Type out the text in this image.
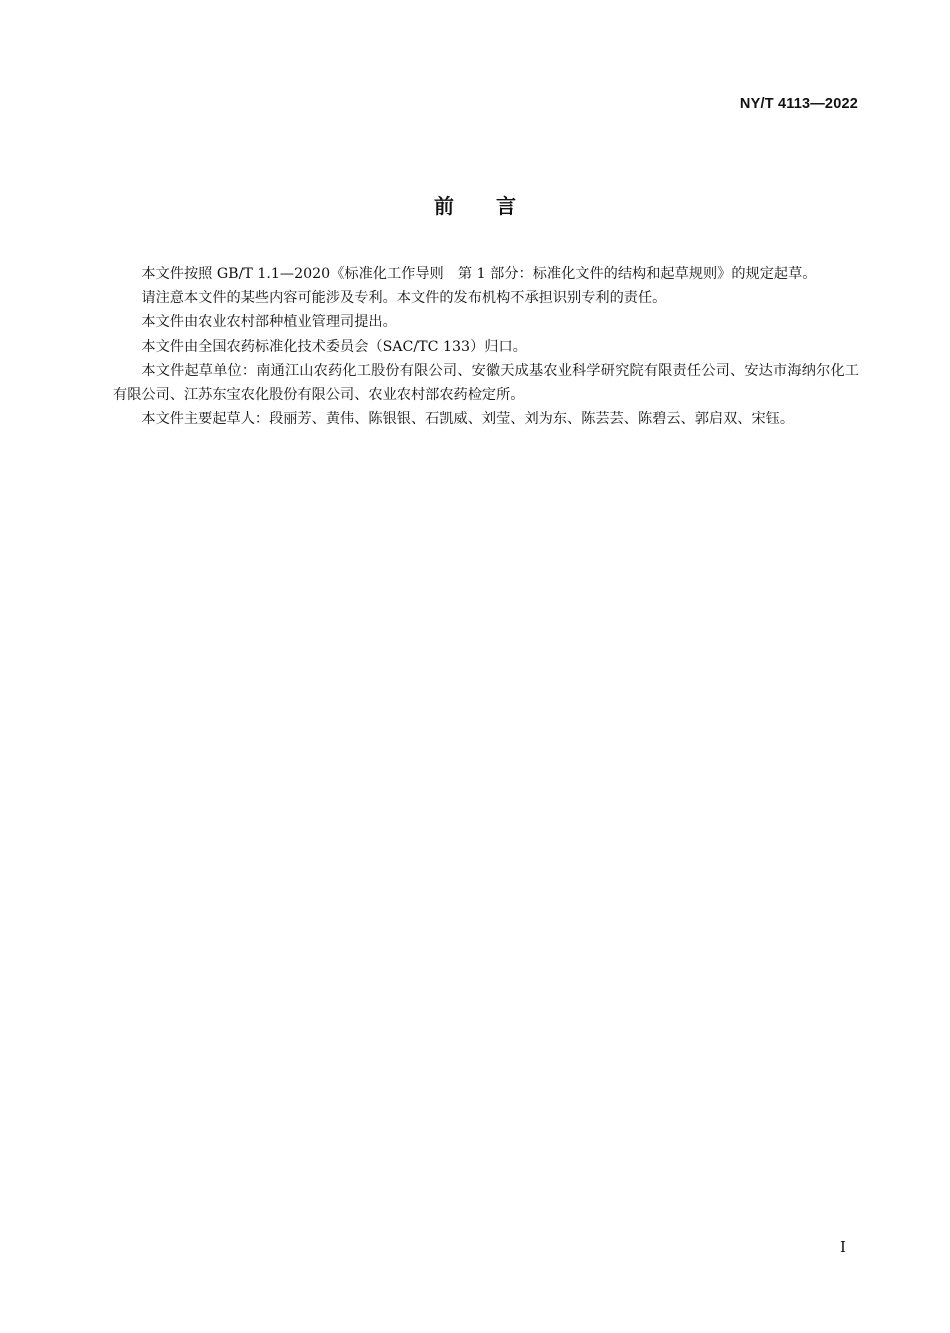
NY/T 4113—2022
前言

本文件按照 GB/T 1.1—2020《标准化工作导则　第 1 部分：标准化文件的结构和起草规则》的规定起草。

请注意本文件的某些内容可能涉及专利。本文件的发布机构不承担识别专利的责任。

本文件由农业农村部种植业管理司提出。

本文件由全国农药标准化技术委员会（SAC/TC 133）归口。

本文件起草单位：南通江山农药化工股份有限公司、安徽天成基农业科学研究院有限责任公司、安达市海纳尔化工有限公司、江苏东宝农化股份有限公司、农业农村部农药检定所。

本文件主要起草人：段丽芳、黄伟、陈银银、石凯威、刘莹、刘为东、陈芸芸、陈碧云、郭启双、宋钰。

Ⅰ
